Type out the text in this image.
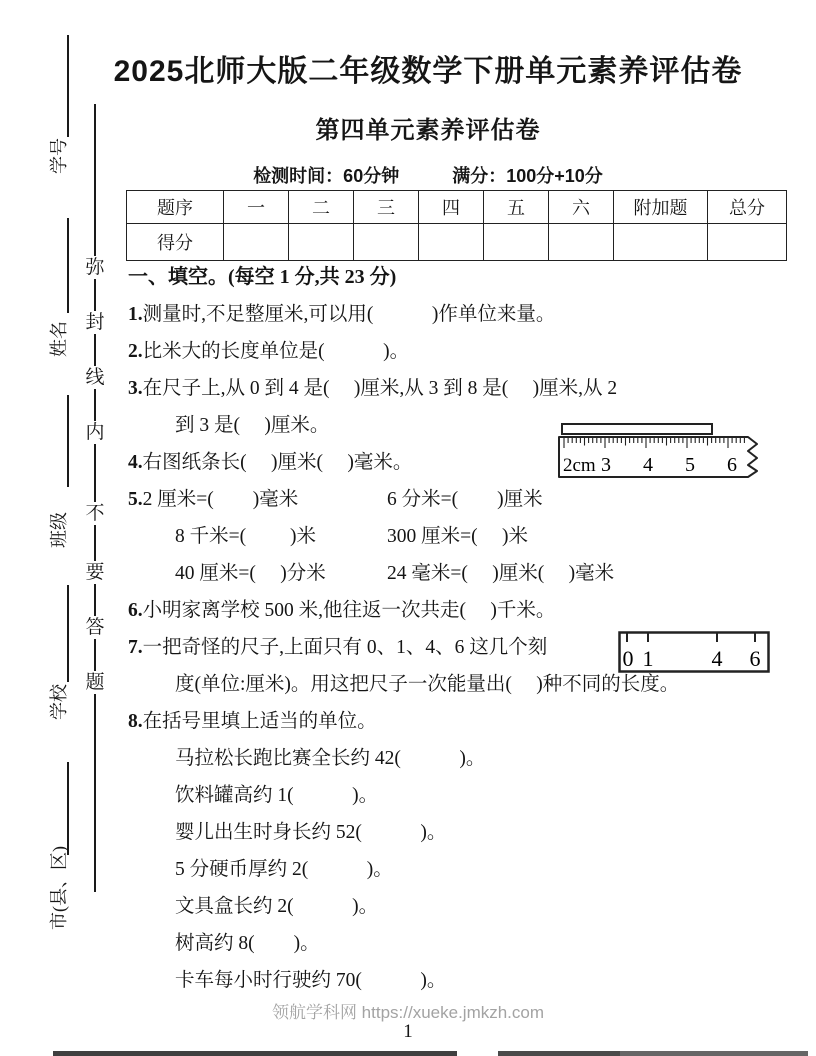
学号
姓名
班级
学校
市(县、区)
弥
封
线
内
不
要
答
题
2025北师大版二年级数学下册单元素养评估卷
第四单元素养评估卷
检测时间：60分钟	满分：100分+10分
题序	一	二	三	四	五	六	附加题	总分
得分								
一、填空。(每空 1 分,共 23 分)
1.测量时,不足整厘米,可以用(　　　)作单位来量。
2.比米大的长度单位是(　　　)。
3.在尺子上,从 0 到 4 是(　 )厘米,从 3 到 8 是(　 )厘米,从 2
到 3 是(　 )厘米。
4.右图纸条长(　 )厘米(　 )毫米。
5.2 厘米=(　　)毫米	6 分米=(　　)厘米
8 千米=(　　 )米	300 厘米=(　 )米
40 厘米=(　 )分米	24 毫米=(　 )厘米(　 )毫米
6.小明家离学校 500 米,他往返一次共走(　 )千米。
7.一把奇怪的尺子,上面只有 0、1、4、6 这几个刻
度(单位:厘米)。用这把尺子一次能量出(　 )种不同的长度。
8.在括号里填上适当的单位。
马拉松长跑比赛全长约 42(　　　)。
饮料罐高约 1(　　　)。
婴儿出生时身长约 52(　　　)。
5 分硬币厚约 2(　　　)。
文具盒长约 2(　　　)。
树高约 8(　　)。
卡车每小时行驶约 70(　　　)。
2cm 3 4 5 6
0 1	4 6
领航学科网 https://xueke.jmkzh.com
1
